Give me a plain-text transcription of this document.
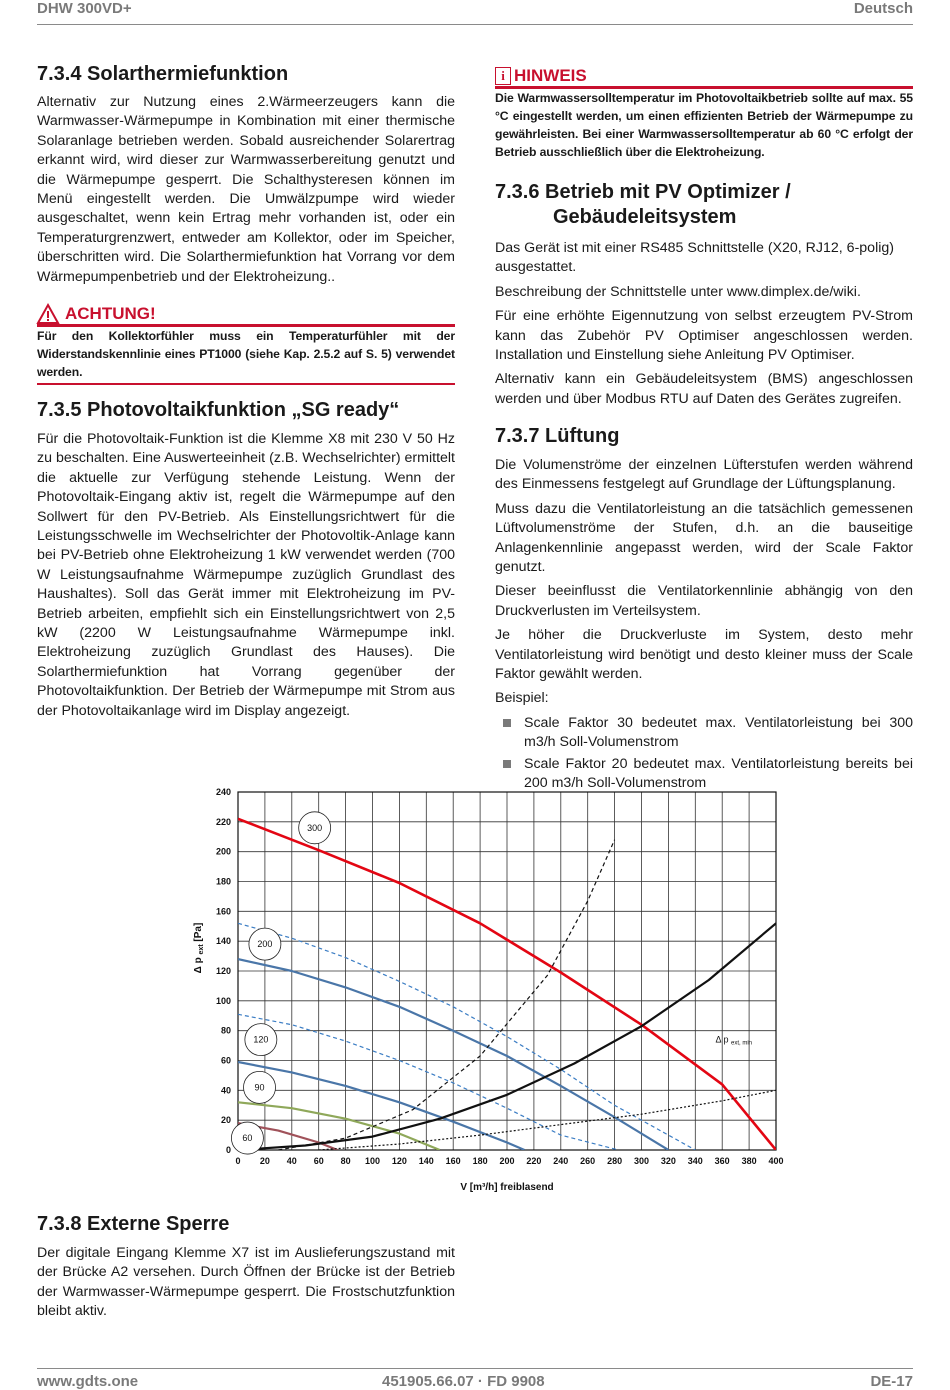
DHW 300VD+	Deutsch
7.3.4 Solarthermiefunktion

Alternativ zur Nutzung eines 2.Wärmeerzeugers kann die Warmwasser-Wärmepumpe in Kombination mit einer thermische Solaranlage betrieben werden. Sobald ausreichender Solarertrag erkannt wird, wird dieser zur Warmwasserbereitung genutzt und die Wärmepumpe gesperrt. Die Schalthysteresen können im Menü eingestellt werden. Die Umwälzpumpe wird wieder ausgeschaltet, wenn kein Ertrag mehr vorhanden ist, oder ein Temperaturgrenzwert, entweder am Kollektor, oder im Speicher, überschritten wird. Die Solarthermiefunktion hat Vorrang vor dem Wärmepumpenbetrieb und der Elektroheizung..

ACHTUNG!
Für den Kollektorfühler muss ein Temperaturfühler mit der Widerstandskennlinie eines PT1000 (siehe Kap. 2.5.2 auf S. 5) verwendet werden.
7.3.5 Photovoltaikfunktion „SG ready“

Für die Photovoltaik-Funktion ist die Klemme X8 mit 230 V 50 Hz zu beschalten. Eine Auswerteeinheit (z.B. Wechselrichter) ermittelt die aktuelle zur Verfügung stehende Leistung. Wenn der Photovoltaik-Eingang aktiv ist, regelt die Wärmepumpe auf den Sollwert für den PV-Betrieb. Als Einstellungsrichtwert für die Leistungsschwelle im Wechselrichter der Photovoltik-Anlage kann bei PV-Betrieb ohne Elektroheizung 1 kW verwendet werden (700 W Leistungsaufnahme Wärmepumpe zuzüglich Grundlast des Haushaltes). Soll das Gerät immer mit Elektroheizung im PV-Betrieb arbeiten, empfiehlt sich ein Einstellungsrichtwert von 2,5 kW (2200 W Leistungsaufnahme Wärmepumpe inkl. Elektroheizung zuzüglich Grundlast des Hauses). Die Solarthermiefunktion hat Vorrang gegenüber der Photovoltaikfunktion. Der Betrieb der Wärmepumpe mit Strom aus der Photovoltaikanlage wird im Display angezeigt.

i HINWEIS
Die Warmwassersolltemperatur im Photovoltaikbetrieb sollte auf max. 55 °C eingestellt werden, um einen effizienten Betrieb der Wärmepumpe zu gewährleisten. Bei einer Warmwassersolltemperatur ab 60 °C erfolgt der Betrieb ausschließlich über die Elektroheizung.
7.3.6 Betrieb mit PV Optimizer /
Gebäudeleitsystem

Das Gerät ist mit einer RS485 Schnittstelle (X20, RJ12, 6-polig) ausgestattet.

Beschreibung der Schnittstelle unter www.dimplex.de/wiki.

Für eine erhöhte Eigennutzung von selbst erzeugtem PV-Strom kann das Zubehör PV Optimiser angeschlossen werden. Installation und Einstellung siehe Anleitung PV Optimiser.

Alternativ kann ein Gebäudeleitsystem (BMS) angeschlossen werden und über Modbus RTU auf Daten des Gerätes zugreifen.

7.3.7 Lüftung

Die Volumenströme der einzelnen Lüfterstufen werden während des Einmessens festgelegt auf Grundlage der Lüftungsplanung.

Muss dazu die Ventilatorleistung an die tatsächlich gemessenen Lüftvolumenströme der Stufen, d.h. an die bauseitige Anlagenkennlinie angepasst werden, wird der Scale Faktor genutzt.

Dieser beeinflusst die Ventilatorkennlinie abhängig von den Druckverlusten im Verteilsystem.

Je höher die Druckverluste im System, desto mehr Ventilatorleistung wird benötigt und desto kleiner muss der Scale Faktor gewählt werden.

Beispiel:

Scale Faktor 30 bedeutet max. Ventilatorleistung bei 300 m3/h Soll-Volumenstrom
Scale Faktor 20 bedeutet max. Ventilatorleistung bereits bei 200 m3/h Soll-Volumenstrom
0 20 40 60 80 100 120 140 160 180 200 220 240 260 280 300 320 340 360 380 400
0
20
40
60
80
100
120
140
160
180
200
220
240
300
200
120
90
60
Δ p $_{ext, min}$
V [m³/h] freiblasend
Δ p $_{ext}$ [Pa]
7.3.8 Externe Sperre

Der digitale Eingang Klemme X7 ist im Auslieferungszustand mit der Brücke A2 versehen. Durch Öffnen der Brücke ist der Betrieb der Warmwasser-Wärmepumpe gesperrt. Die Frostschutzfunktion bleibt aktiv.

www.gdts.one	451905.66.07 · FD 9908	DE-17
